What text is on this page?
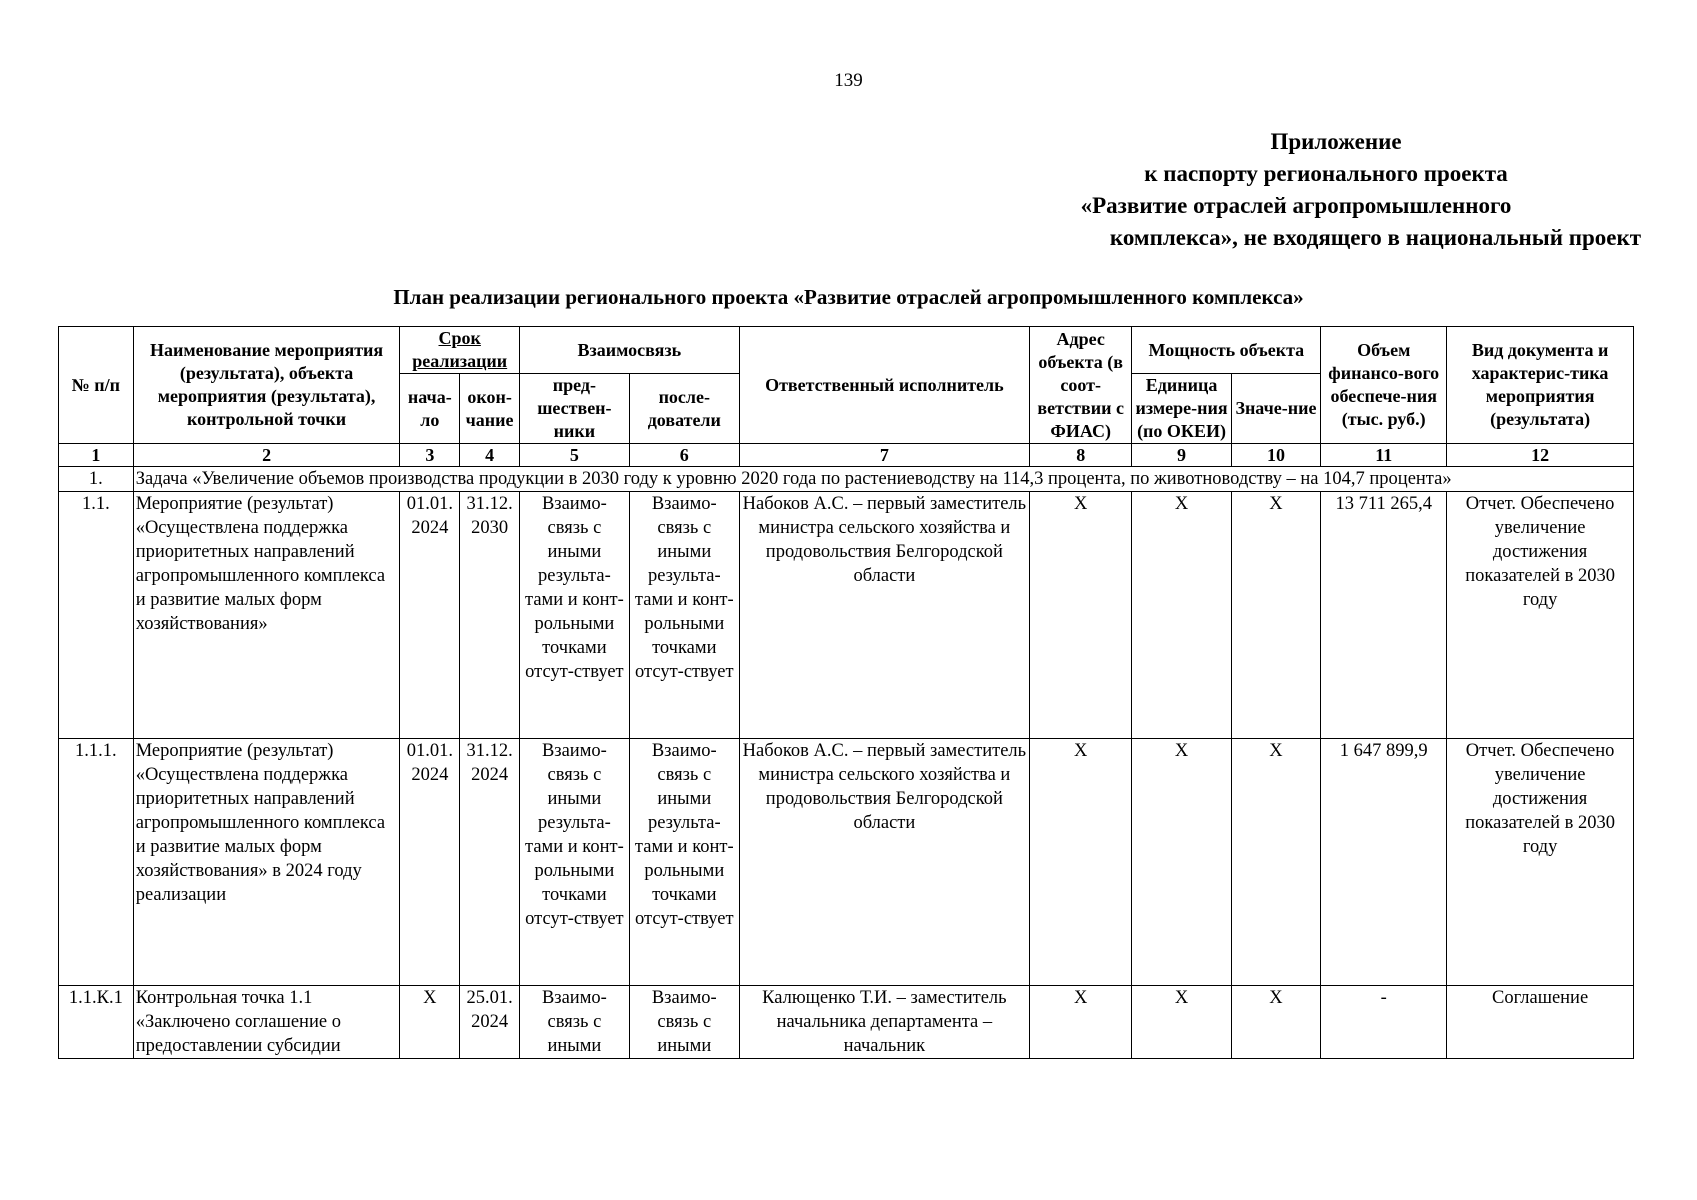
139
Приложение
к паспорту регионального проекта
«Развитие отраслей агропромышленного
комплекса», не входящего в национальный проект
План реализации регионального проекта «Развитие отраслей агропромышленного комплекса»
№ п/п	Наименование мероприятия (результата), объекта мероприятия (результата), контрольной точки	Срок реализации		Взаимосвязь		Ответственный исполнитель	Адрес объекта (в соот-ветствии с ФИАС)	Мощность объекта		Объем финансо-вого обеспече-ния (тыс. руб.)	Вид документа и характерис-тика мероприятия (результата)
		нача-ло	окон-чание	пред-шествен-ники	после-дователи			Единица измере-ния (по ОКЕИ)	Значе-ние		
1	2	3	4	5	6	7	8	9	10	11	12
1.	Задача «Увеличение объемов производства продукции в 2030 году к уровню 2020 года по растениеводству на 114,3 процента, по животноводству – на 104,7 процента»										
1.1.	Мероприятие (результат) «Осуществлена поддержка приоритетных направлений агропромышленного комплекса и развитие малых форм хозяйствования»	01.01. 2024	31.12. 2030	Взаимо-связь с иными результа-тами и конт-рольными точками отсут-ствует	Взаимо-связь с иными результа-тами и конт-рольными точками отсут-ствует	Набоков А.С. – первый заместитель министра сельского хозяйства и продовольствия Белгородской области	X	X	X	13 711 265,4	Отчет. Обеспечено увеличение достижения показателей в 2030 году
1.1.1.	Мероприятие (результат) «Осуществлена поддержка приоритетных направлений агропромышленного комплекса и развитие малых форм хозяйствования» в 2024 году реализации	01.01. 2024	31.12. 2024	Взаимо-связь с иными результа-тами и конт-рольными точками отсут-ствует	Взаимо-связь с иными результа-тами и конт-рольными точками отсут-ствует	Набоков А.С. – первый заместитель министра сельского хозяйства и продовольствия Белгородской области	X	X	X	1 647 899,9	Отчет. Обеспечено увеличение достижения показателей в 2030 году
1.1.К.1	Контрольная точка 1.1 «Заключено соглашение о предоставлении субсидии	X	25.01. 2024	Взаимо-связь с иными	Взаимо-связь с иными	Калющенко Т.И. – заместитель начальника департамента – начальник	X	X	X	-	Соглашение
